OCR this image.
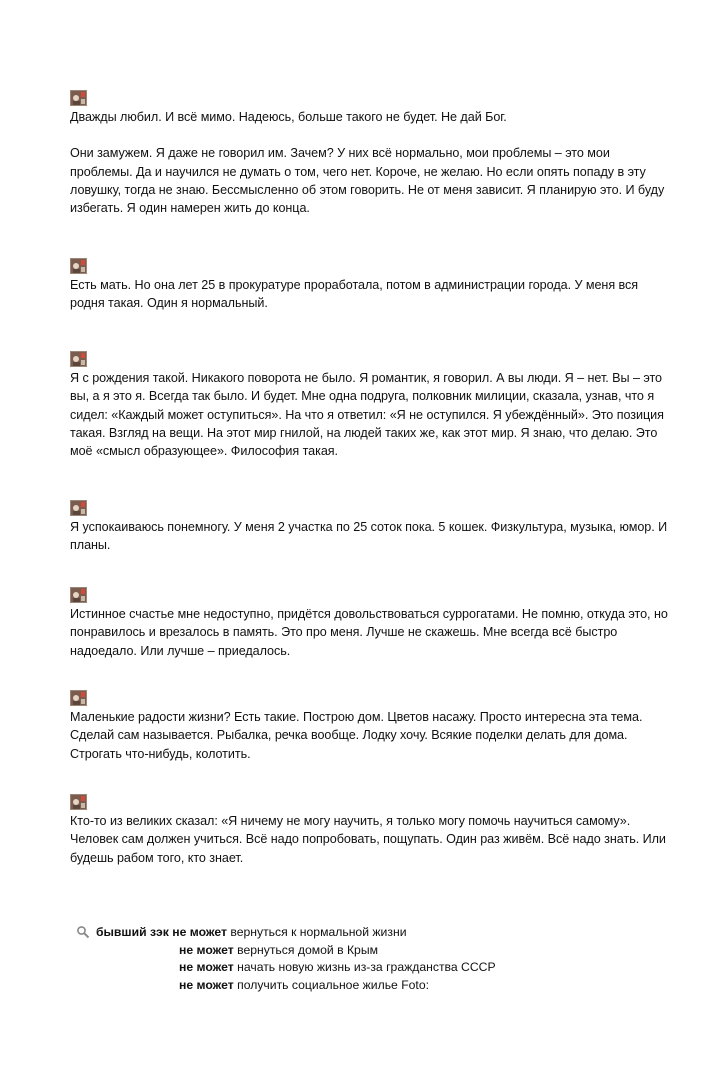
Дважды любил. И всё мимо. Надеюсь, больше такого не будет. Не дай Бог.

Они замужем. Я даже не говорил им. Зачем? У них всё нормально, мои проблемы – это мои проблемы. Да и научился не думать о том, чего нет. Короче, не желаю. Но если опять попаду в эту ловушку, тогда не знаю. Бессмысленно об этом говорить. Не от меня зависит. Я планирую это. И буду избегать. Я один намерен жить до конца.

Есть мать. Но она лет 25 в прокуратуре проработала, потом в администрации города. У меня вся родня такая. Один я нормальный.

Я с рождения такой. Никакого поворота не было. Я романтик, я говорил. А вы люди. Я – нет. Вы – это вы, а я это я. Всегда так было. И будет. Мне одна подруга, полковник милиции, сказала, узнав, что я сидел: «Каждый может оступиться». На что я ответил: «Я не оступился. Я убеждённый». Это позиция такая. Взгляд на вещи. На этот мир гнилой, на людей таких же, как этот мир. Я знаю, что делаю. Это моё «смысл образующее». Философия такая.

Я успокаиваюсь понемногу. У меня 2 участка по 25 соток пока. 5 кошек. Физкультура, музыка, юмор. И планы.

Истинное счастье мне недоступно, придётся довольствоваться суррогатами. Не помню, откуда это, но понравилось и врезалось в память. Это про меня. Лучше не скажешь. Мне всегда всё быстро надоедало. Или лучше – приедалось.

Маленькие радости жизни? Есть такие. Построю дом. Цветов насажу. Просто интересна эта тема. Сделай сам называется. Рыбалка, речка вообще. Лодку хочу. Всякие поделки делать для дома. Строгать что-нибудь, колотить.

Кто-то из великих сказал: «Я ничему не могу научить, я только могу помочь научиться самому». Человек сам должен учиться. Всё надо попробовать, пощупать. Один раз живём. Всё надо знать. Или будешь рабом того, кто знает.

бывший зэк не может вернуться к нормальной жизни
не может вернуться домой в Крым
не может начать новую жизнь из-за гражданства СССР
не может получить социальное жилье Foto:
